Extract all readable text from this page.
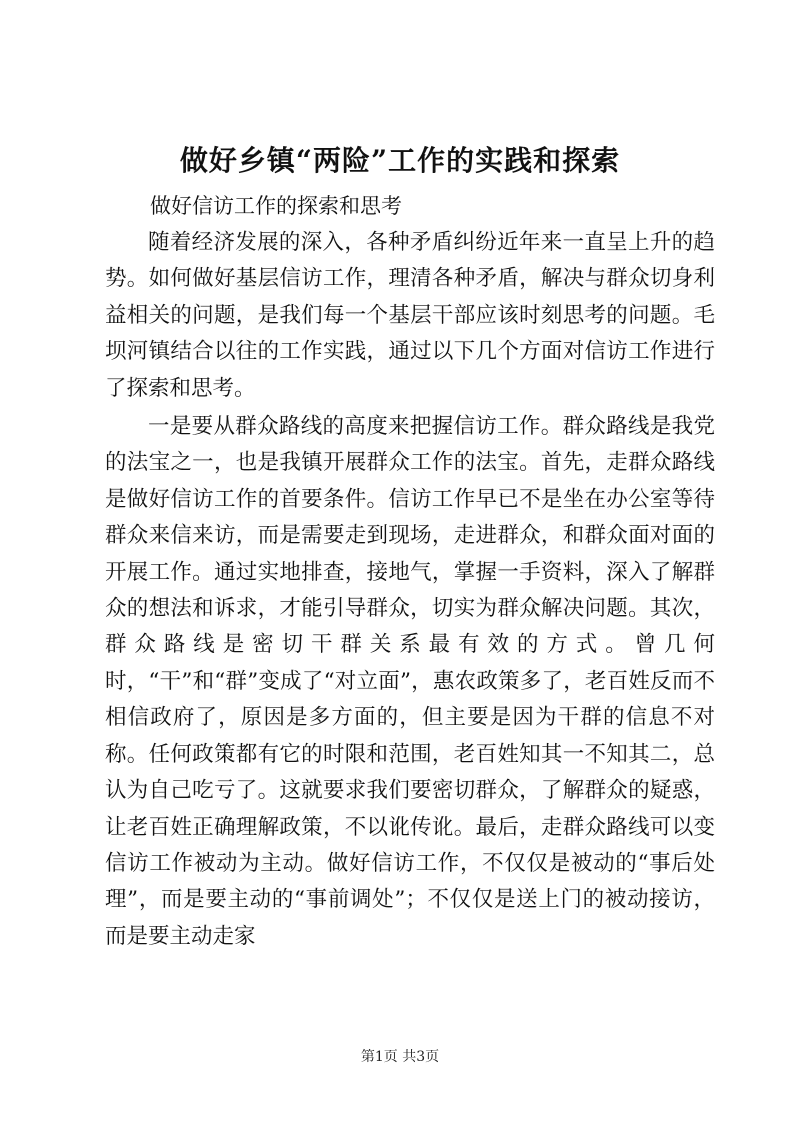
做好乡镇“两险”工作的实践和探索

做好信访工作的探索和思考

随着经济发展的深入，各种矛盾纠纷近年来一直呈上升的趋势。如何做好基层信访工作，理清各种矛盾，解决与群众切身利益相关的问题，是我们每一个基层干部应该时刻思考的问题。毛坝河镇结合以往的工作实践，通过以下几个方面对信访工作进行了探索和思考。

一是要从群众路线的高度来把握信访工作。群众路线是我党的法宝之一，也是我镇开展群众工作的法宝。首先，走群众路线是做好信访工作的首要条件。信访工作早已不是坐在办公室等待群众来信来访，而是需要走到现场，走进群众，和群众面对面的开展工作。通过实地排查，接地气，掌握一手资料，深入了解群众的想法和诉求，才能引导群众，切实为群众解决问题。其次，群众路线是密切干群关系最有效的方式。曾几何时，“干”和“群”变成了“对立面”，惠农政策多了，老百姓反而不相信政府了，原因是多方面的，但主要是因为干群的信息不对称。任何政策都有它的时限和范围，老百姓知其一不知其二，总认为自己吃亏了。这就要求我们要密切群众，了解群众的疑惑，让老百姓正确理解政策，不以讹传讹。最后，走群众路线可以变信访工作被动为主动。做好信访工作，不仅仅是被动的“事后处理”，而是要主动的“事前调处”；不仅仅是送上门的被动接访，而是要主动走家

第1页 共3页
